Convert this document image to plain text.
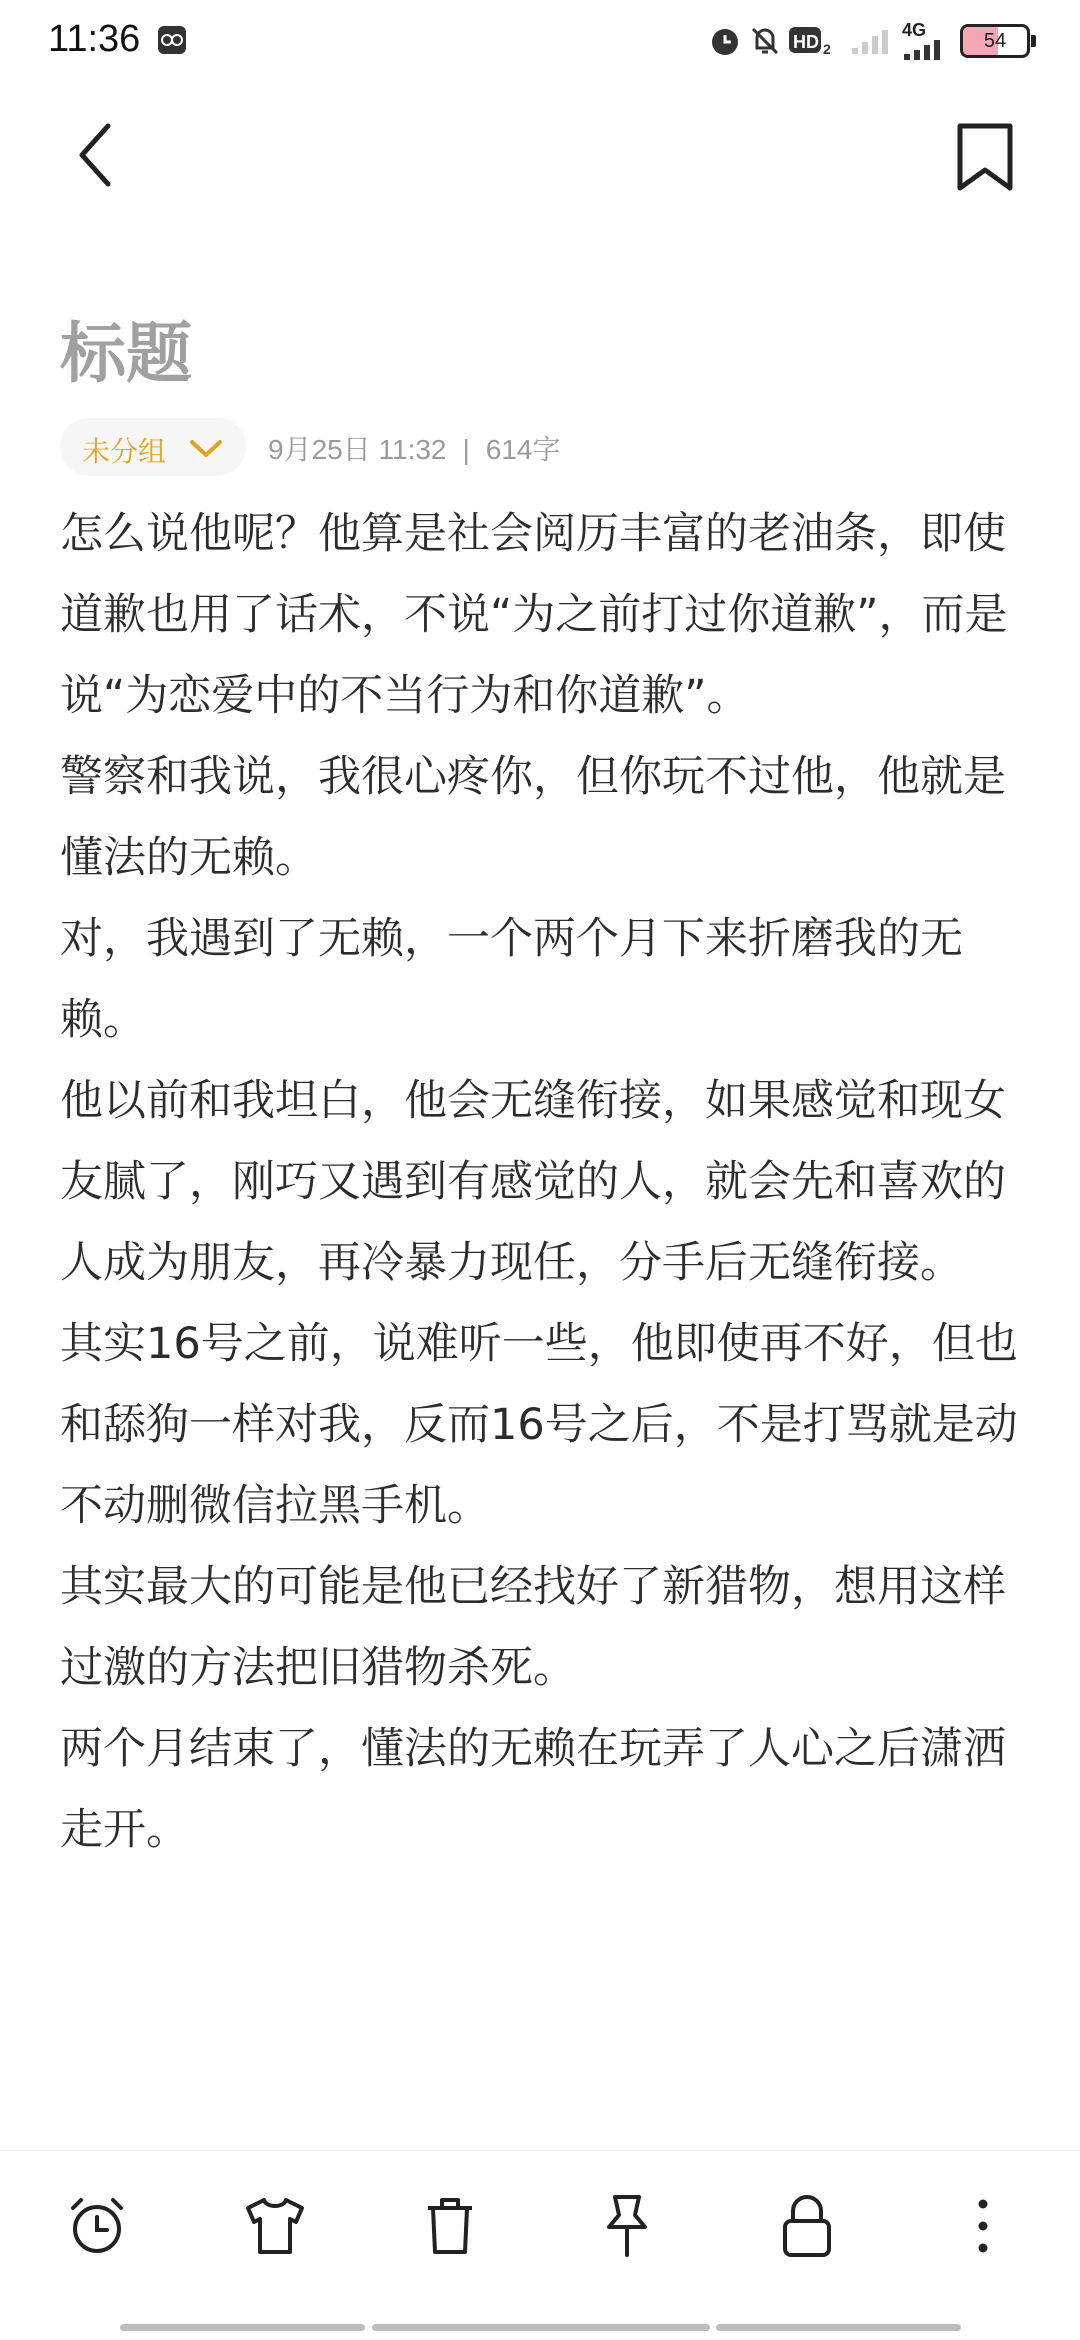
11:36	HD 2
4G	54
标题
未分组	9月25日 11:32 | 614字

怎么说他呢？他算是社会阅历丰富的老油条，即使道歉也用了话术，不说“为之前打过你道歉”，而是说“为恋爱中的不当行为和你道歉”。

警察和我说，我很心疼你，但你玩不过他，他就是懂法的无赖。

对，我遇到了无赖，一个两个月下来折磨我的无赖。

他以前和我坦白，他会无缝衔接，如果感觉和现女友腻了，刚巧又遇到有感觉的人，就会先和喜欢的人成为朋友，再冷暴力现任，分手后无缝衔接。

其实16号之前，说难听一些，他即使再不好，但也和舔狗一样对我，反而16号之后，不是打骂就是动不动删微信拉黑手机。

其实最大的可能是他已经找好了新猎物，想用这样过激的方法把旧猎物杀死。

两个月结束了，懂法的无赖在玩弄了人心之后潇洒走开。
